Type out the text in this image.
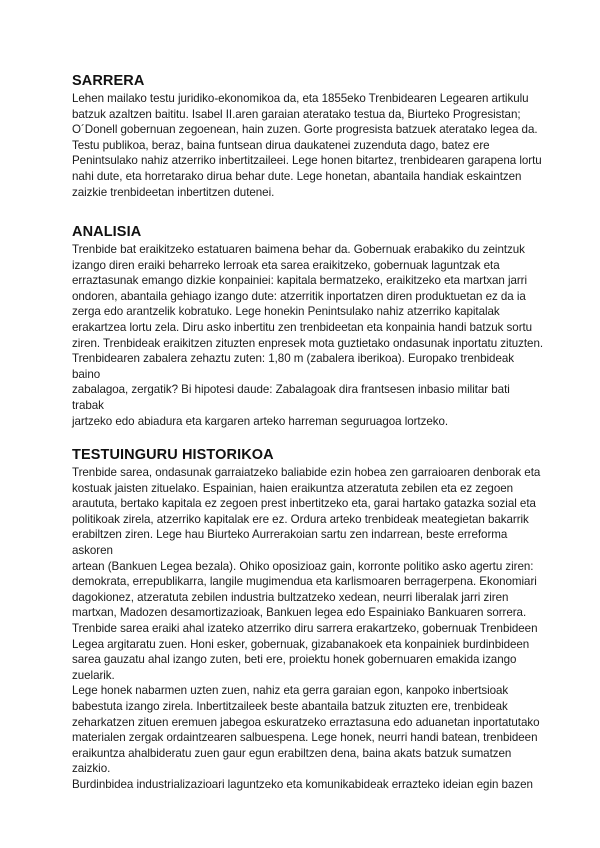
SARRERA
Lehen mailako testu juridiko-ekonomikoa da, eta 1855eko Trenbidearen Legearen artikulu
batzuk azaltzen baititu. Isabel II.aren garaian ateratako testua da, Biurteko Progresistan;
O´Donell gobernuan zegoenean, hain zuzen. Gorte progresista batzuek ateratako legea da.
Testu publikoa, beraz, baina funtsean dirua daukatenei zuzenduta dago, batez ere
Penintsulako nahiz atzerriko inbertitzaileei. Lege honen bitartez, trenbidearen garapena lortu
nahi dute, eta horretarako dirua behar dute. Lege honetan, abantaila handiak eskaintzen
zaizkie trenbideetan inbertitzen dutenei.
ANALISIA
Trenbide bat eraikitzeko estatuaren baimena behar da. Gobernuak erabakiko du zeintzuk
izango diren eraiki beharreko lerroak eta sarea eraikitzeko, gobernuak laguntzak eta
erraztasunak emango dizkie konpainiei: kapitala bermatzeko, eraikitzeko eta martxan jarri
ondoren, abantaila gehiago izango dute: atzerritik inportatzen diren produktuetan ez da ia
zerga edo arantzelik kobratuko. Lege honekin Penintsulako nahiz atzerriko kapitalak
erakartzea lortu zela. Diru asko inbertitu zen trenbideetan eta konpainia handi batzuk sortu
ziren. Trenbideak eraikitzen zituzten enpresek mota guztietako ondasunak inportatu zituzten.
Trenbidearen zabalera zehaztu zuten: 1,80 m (zabalera iberikoa). Europako trenbideak
baino
zabalagoa, zergatik? Bi hipotesi daude: Zabalagoak dira frantsesen inbasio militar bati
trabak
jartzeko edo abiadura eta kargaren arteko harreman seguruagoa lortzeko.
TESTUINGURU HISTORIKOA
Trenbide sarea, ondasunak garraiatzeko baliabide ezin hobea zen garraioaren denborak eta
kostuak jaisten zituelako. Espainian, haien eraikuntza atzeratuta zebilen eta ez zegoen
araututa, bertako kapitala ez zegoen prest inbertitzeko eta, garai hartako gatazka sozial eta
politikoak zirela, atzerriko kapitalak ere ez. Ordura arteko trenbideak meategietan bakarrik
erabiltzen ziren. Lege hau Biurteko Aurrerakoian sartu zen indarrean, beste erreforma
askoren
artean (Bankuen Legea bezala). Ohiko oposizioaz gain, korronte politiko asko agertu ziren:
demokrata, errepublikarra, langile mugimendua eta karlismoaren berragerpena. Ekonomiari
dagokionez, atzeratuta zebilen industria bultzatzeko xedean, neurri liberalak jarri ziren
martxan, Madozen desamortizazioak, Bankuen legea edo Espainiako Bankuaren sorrera.
Trenbide sarea eraiki ahal izateko atzerriko diru sarrera erakartzeko, gobernuak Trenbideen
Legea argitaratu zuen. Honi esker, gobernuak, gizabanakoek eta konpainiek burdinbideen
sarea gauzatu ahal izango zuten, beti ere, proiektu honek gobernuaren emakida izango
zuelarik.
Lege honek nabarmen uzten zuen, nahiz eta gerra garaian egon, kanpoko inbertsioak
babestuta izango zirela. Inbertitzaileek beste abantaila batzuk zituzten ere, trenbideak
zeharkatzen zituen eremuen jabegoa eskuratzeko erraztasuna edo aduanetan inportatutako
materialen zergak ordaintzearen salbuespena. Lege honek, neurri handi batean, trenbideen
eraikuntza ahalbideratu zuen gaur egun erabiltzen dena, baina akats batzuk sumatzen
zaizkio.
Burdinbidea industrializazioari laguntzeko eta komunikabideak errazteko ideian egin bazen
